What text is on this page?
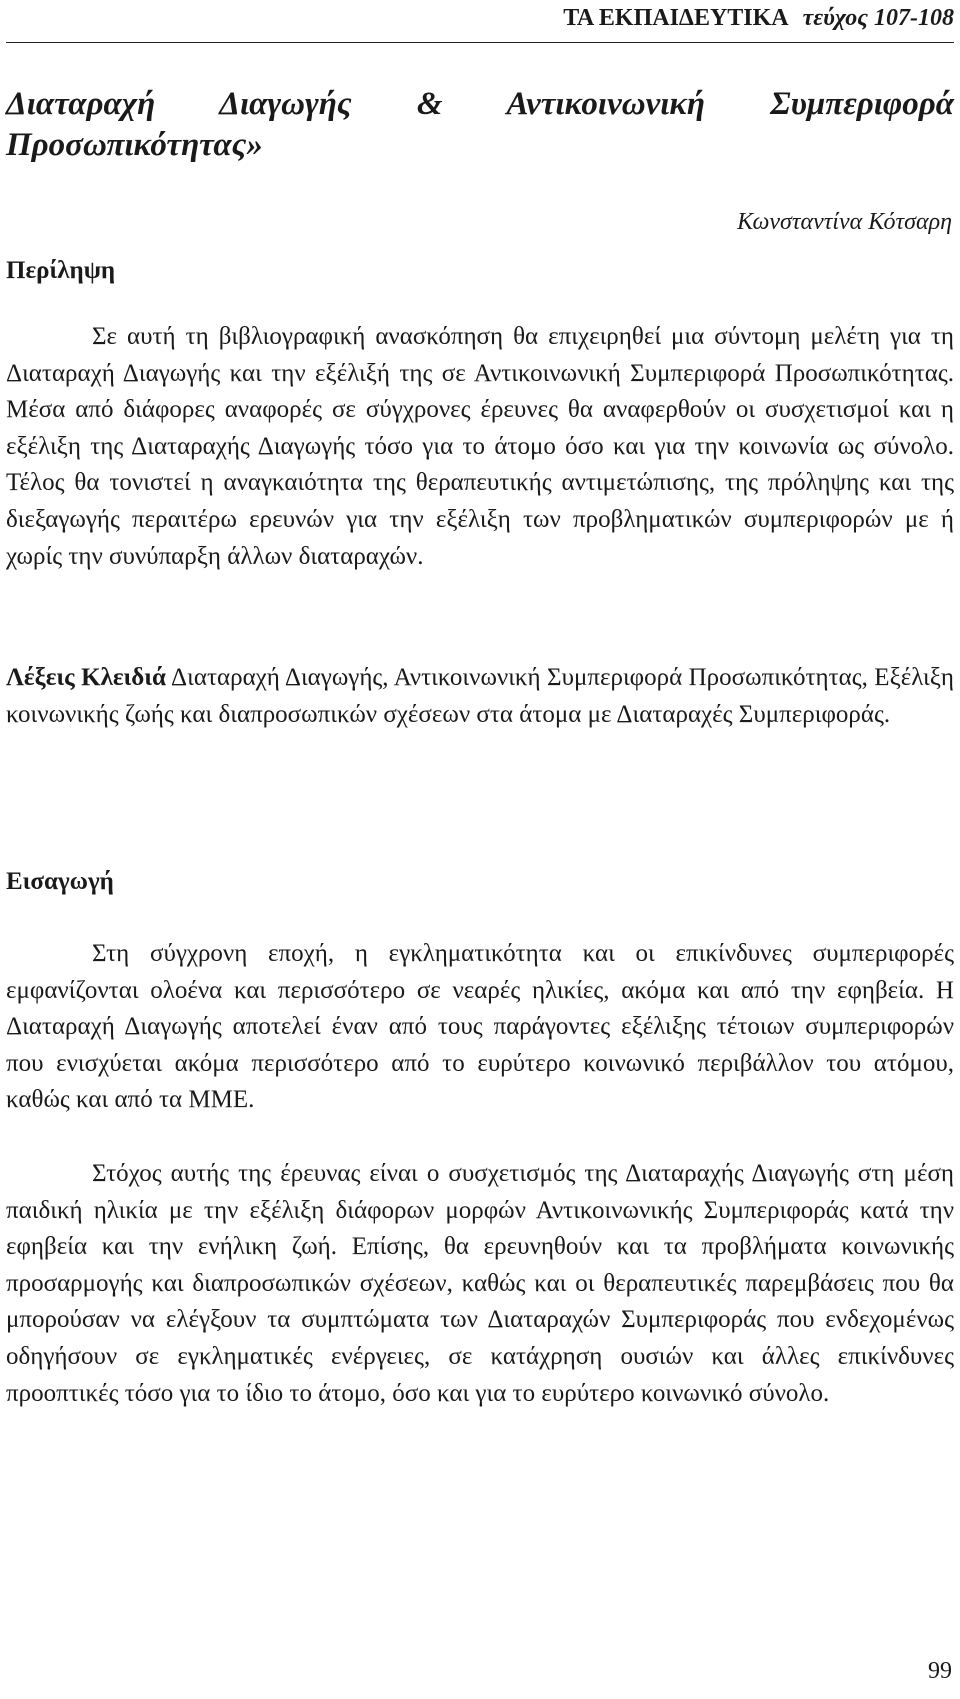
ΤΑ ΕΚΠΑΙΔΕΥΤΙΚΑ τεύχος 107-108
Διαταραχή Διαγωγής & Αντικοινωνική Συμπεριφορά
Προσωπικότητας»
Κωνσταντίνα Κότσαρη
Περίληψη

Σε αυτή τη βιβλιογραφική ανασκόπηση θα επιχειρηθεί μια σύντομη μελέτη για τη Διαταραχή Διαγωγής και την εξέλιξή της σε Αντικοινωνική Συμπεριφορά Προσωπικότητας. Μέσα από διάφορες αναφορές σε σύγχρονες έρευνες θα αναφερθούν οι συσχετισμοί και η εξέλιξη της Διαταραχής Διαγωγής τόσο για το άτομο όσο και για την κοινωνία ως σύνολο. Τέλος θα τονιστεί η αναγκαιότητα της θεραπευτικής αντιμετώπισης, της πρόληψης και της διεξαγωγής περαιτέρω ερευνών για την εξέλιξη των προβληματικών συμπεριφορών με ή χωρίς την συνύπαρξη άλλων διαταραχών.

Λέξεις Κλειδιά Διαταραχή Διαγωγής, Αντικοινωνική Συμπεριφορά Προσωπικότητας, Εξέλιξη κοινωνικής ζωής και διαπροσωπικών σχέσεων στα άτομα με Διαταραχές Συμπεριφοράς.

Εισαγωγή

Στη σύγχρονη εποχή, η εγκληματικότητα και οι επικίνδυνες συμπεριφορές εμφανίζονται ολοένα και περισσότερο σε νεαρές ηλικίες, ακόμα και από την εφηβεία. Η Διαταραχή Διαγωγής αποτελεί έναν από τους παράγοντες εξέλιξης τέτοιων συμπεριφορών που ενισχύεται ακόμα περισσότερο από το ευρύτερο κοινωνικό περιβάλλον του ατόμου, καθώς και από τα ΜΜΕ.

Στόχος αυτής της έρευνας είναι ο συσχετισμός της Διαταραχής Διαγωγής στη μέση παιδική ηλικία με την εξέλιξη διάφορων μορφών Αντικοινωνικής Συμπεριφοράς κατά την εφηβεία και την ενήλικη ζωή. Επίσης, θα ερευνηθούν και τα προβλήματα κοινωνικής προσαρμογής και διαπροσωπικών σχέσεων, καθώς και οι θεραπευτικές παρεμβάσεις που θα μπορούσαν να ελέγξουν τα συμπτώματα των Διαταραχών Συμπεριφοράς που ενδεχομένως οδηγήσουν σε εγκληματικές ενέργειες, σε κατάχρηση ουσιών και άλλες επικίνδυνες προοπτικές τόσο για το ίδιο το άτομο, όσο και για το ευρύτερο κοινωνικό σύνολο.

99
